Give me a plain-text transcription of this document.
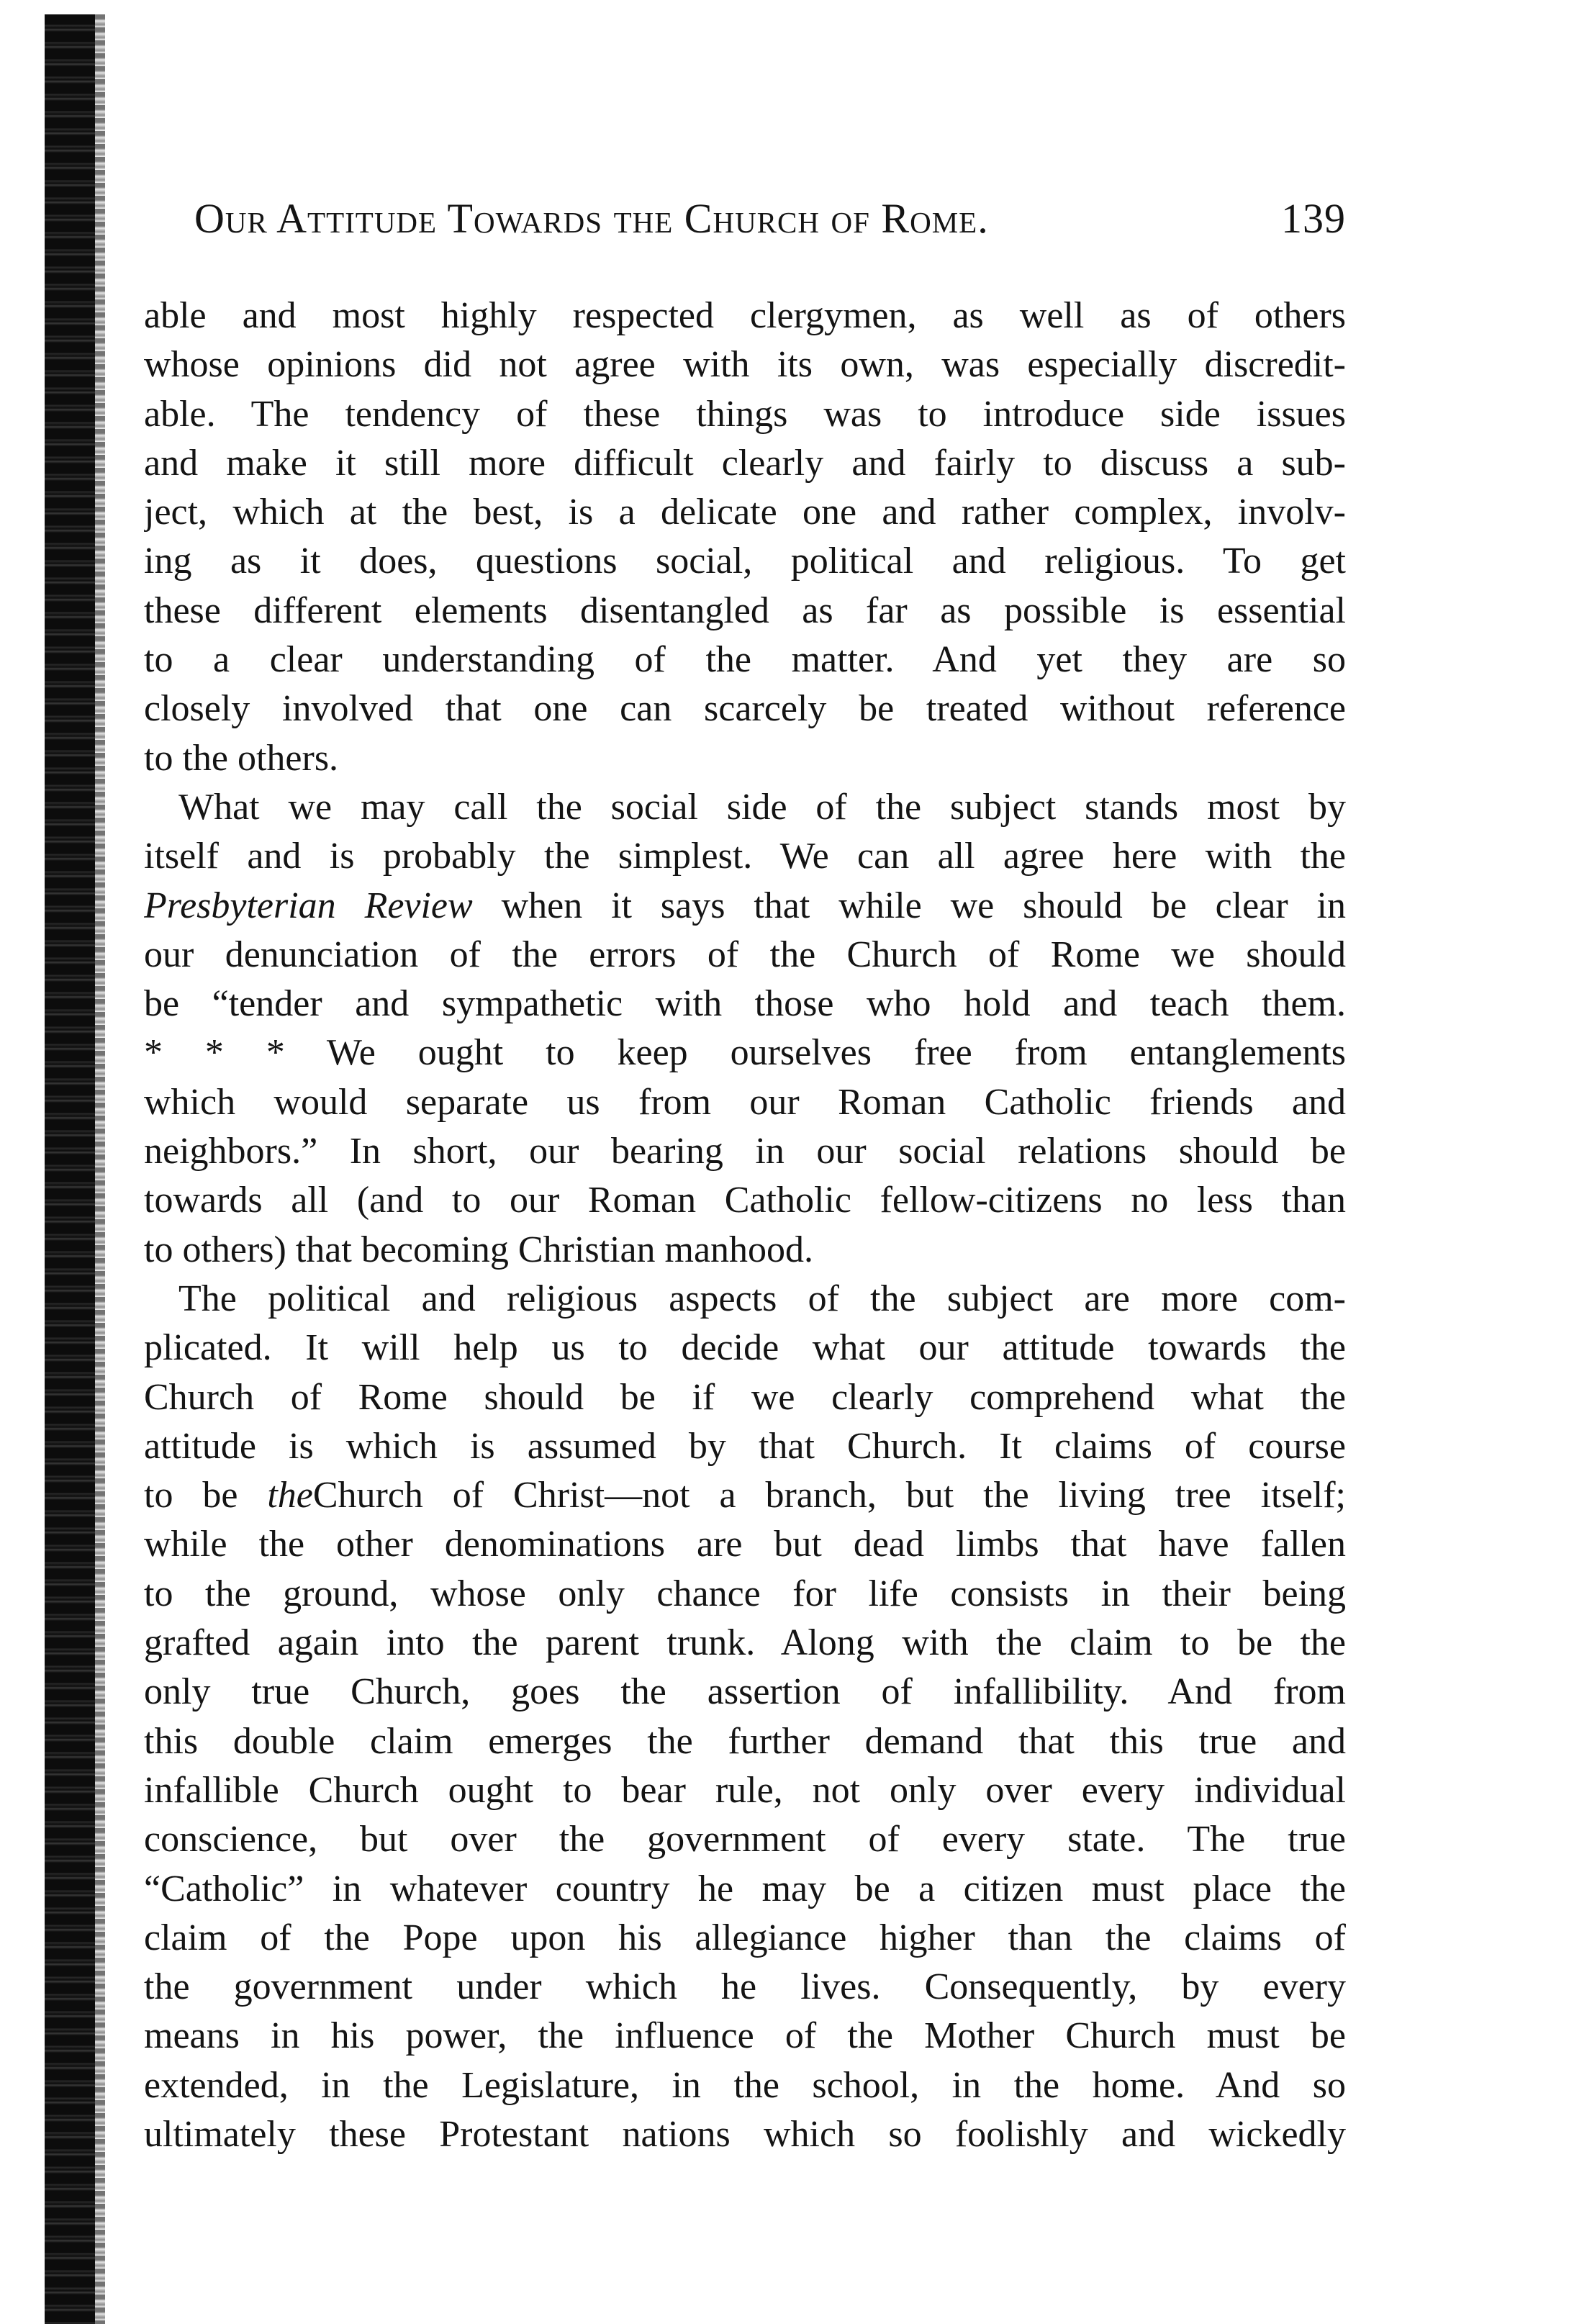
Our Attitude Towards the Church of Rome.	139
able and most highly respected clergymen, as well as of others
whose opinions did not agree with its own, was especially discredit-
able. The tendency of these things was to introduce side issues
and make it still more difficult clearly and fairly to discuss a sub-
ject, which at the best, is a delicate one and rather complex, involv-
ing as it does, questions social, political and religious. To get
these different elements disentangled as far as possible is essential
to a clear understanding of the matter. And yet they are so
closely involved that one can scarcely be treated without reference
to the others.
What we may call the social side of the subject stands most by
itself and is probably the simplest. We can all agree here with the
Presbyterian Review when it says that while we should be clear in
our denunciation of the errors of the Church of Rome we should
be “tender and sympathetic with those who hold and teach them.
* * * We ought to keep ourselves free from entanglements
which would separate us from our Roman Catholic friends and
neighbors.” In short, our bearing in our social relations should be
towards all (and to our Roman Catholic fellow-citizens no less than
to others) that becoming Christian manhood.
The political and religious aspects of the subject are more com-
plicated. It will help us to decide what our attitude towards the
Church of Rome should be if we clearly comprehend what the
attitude is which is assumed by that Church. It claims of course
to be theChurch of Christ—not a branch, but the living tree itself;
while the other denominations are but dead limbs that have fallen
to the ground, whose only chance for life consists in their being
grafted again into the parent trunk. Along with the claim to be the
only true Church, goes the assertion of infallibility. And from
this double claim emerges the further demand that this true and
infallible Church ought to bear rule, not only over every individual
conscience, but over the government of every state. The true
“Catholic” in whatever country he may be a citizen must place the
claim of the Pope upon his allegiance higher than the claims of
the government under which he lives. Consequently, by every
means in his power, the influence of the Mother Church must be
extended, in the Legislature, in the school, in the home. And so
ultimately these Protestant nations which so foolishly and wickedly
